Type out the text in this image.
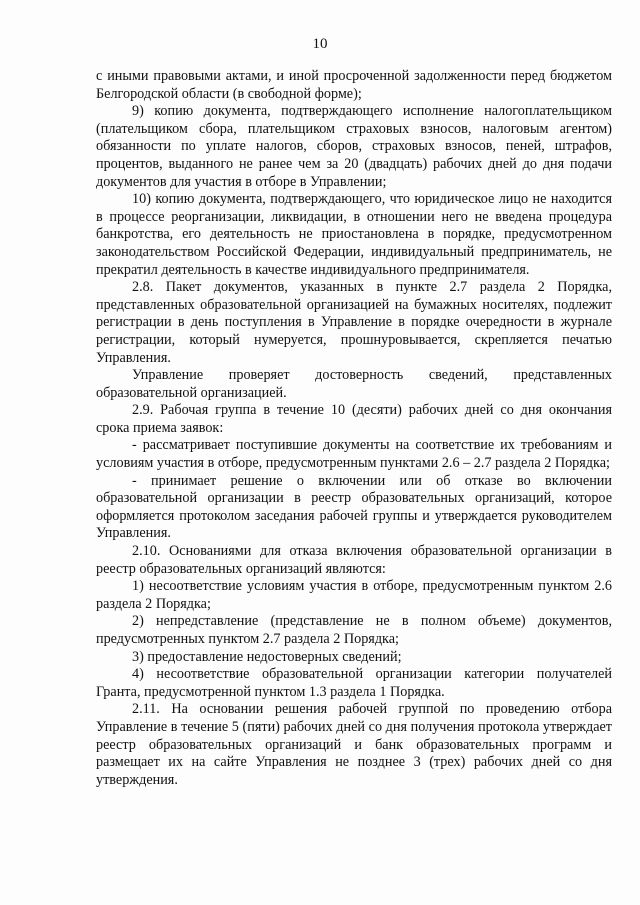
10

с иными правовыми актами, и иной просроченной задолженности перед бюджетом Белгородской области (в свободной форме);

9) копию документа, подтверждающего исполнение налогоплательщиком (плательщиком сбора, плательщиком страховых взносов, налоговым агентом) обязанности по уплате налогов, сборов, страховых взносов, пеней, штрафов, процентов, выданного не ранее чем за 20 (двадцать) рабочих дней до дня подачи документов для участия в отборе в Управлении;

10) копию документа, подтверждающего, что юридическое лицо не находится в процессе реорганизации, ликвидации, в отношении него не введена процедура банкротства, его деятельность не приостановлена в порядке, предусмотренном законодательством Российской Федерации, индивидуальный предприниматель, не прекратил деятельность в качестве индивидуального предпринимателя.

2.8. Пакет документов, указанных в пункте 2.7 раздела 2 Порядка, представленных образовательной организацией на бумажных носителях, подлежит регистрации в день поступления в Управление в порядке очередности в журнале регистрации, который нумеруется, прошнуровывается, скрепляется печатью Управления.

Управление проверяет достоверность сведений, представленных образовательной организацией.

2.9. Рабочая группа в течение 10 (десяти) рабочих дней со дня окончания срока приема заявок:

- рассматривает поступившие документы на соответствие их требованиям и условиям участия в отборе, предусмотренным пунктами 2.6 – 2.7 раздела 2 Порядка;

- принимает решение о включении или об отказе во включении образовательной организации в реестр образовательных организаций, которое оформляется протоколом заседания рабочей группы и утверждается руководителем Управления.

2.10. Основаниями для отказа включения образовательной организации в реестр образовательных организаций являются:

1) несоответствие условиям участия в отборе, предусмотренным пунктом 2.6 раздела 2 Порядка;

2) непредставление (представление не в полном объеме) документов, предусмотренных пунктом 2.7 раздела 2 Порядка;

3) предоставление недостоверных сведений;

4) несоответствие образовательной организации категории получателей Гранта, предусмотренной пунктом 1.3 раздела 1 Порядка.

2.11. На основании решения рабочей группой по проведению отбора Управление в течение 5 (пяти) рабочих дней со дня получения протокола утверждает реестр образовательных организаций и банк образовательных программ и размещает их на сайте Управления не позднее 3 (трех) рабочих дней со дня утверждения.
